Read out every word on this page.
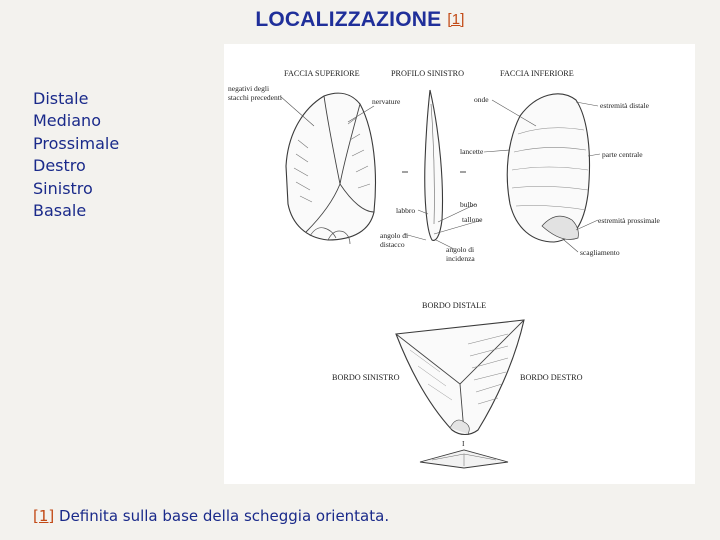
LOCALIZZAZIONE [1]
Distale
Mediano
Prossimale
Destro
Sinistro
Basale
FACCIA SUPERIORE	PROFILO SINISTRO	FACCIA INFERIORE
negativi degli
stacchi precedenti	nervature	onde
estremità distale
lancette	parte centrale
bulbo
labbro
tallone	estremità prossimale
angolo di
distacco
angolo di
incidenza
scagliamento
BORDO DISTALE
BORDO SINISTRO	BORDO DESTRO
I
[1] Definita sulla base della scheggia orientata.
